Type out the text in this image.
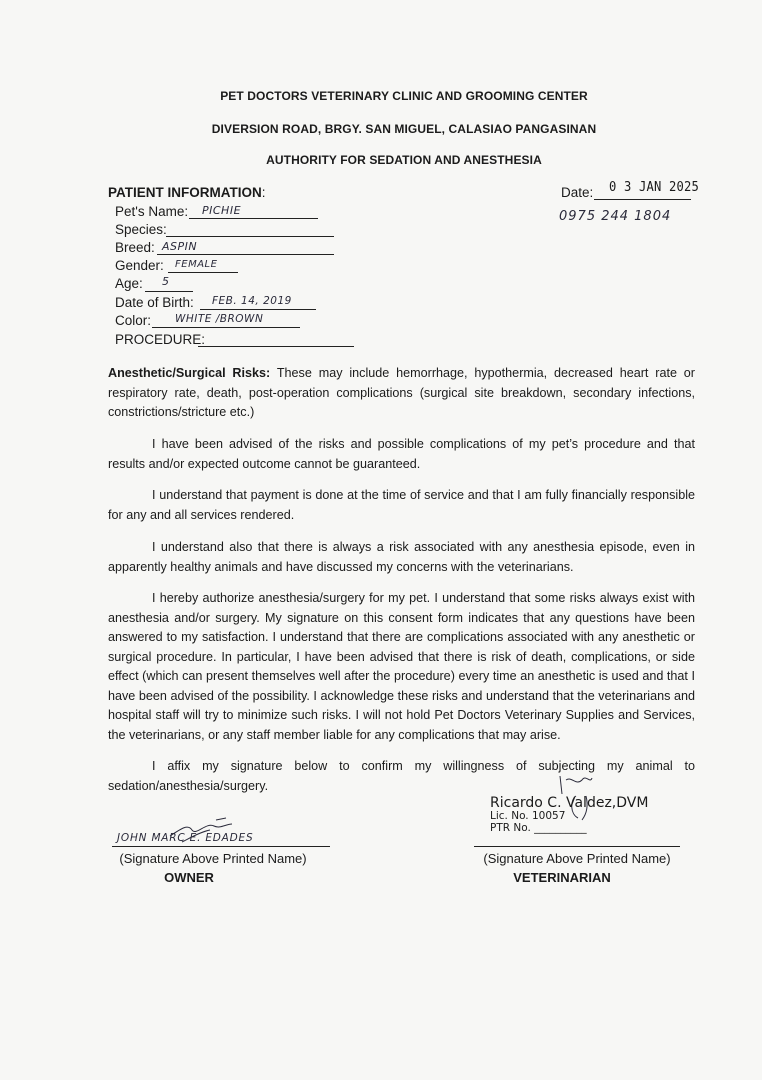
PET DOCTORS VETERINARY CLINIC AND GROOMING CENTER
DIVERSION ROAD, BRGY. SAN MIGUEL, CALASIAO PANGASINAN
AUTHORITY FOR SEDATION AND ANESTHESIA
PATIENT INFORMATION:
Pet's Name: PICHIE
Species:
Breed: ASPIN
Gender: FEMALE
Age: 5
Date of Birth: FEB. 14, 2019
Color: WHITE /BROWN
PROCEDURE:
Date: 0 3 JAN 2025
0975 244 1804
Anesthetic/Surgical Risks: These may include hemorrhage, hypothermia, decreased heart rate or respiratory rate, death, post-operation complications (surgical site breakdown, secondary infections, constrictions/stricture etc.)
I have been advised of the risks and possible complications of my pet’s procedure and that results and/or expected outcome cannot be guaranteed.
I understand that payment is done at the time of service and that I am fully financially responsible for any and all services rendered.
I understand also that there is always a risk associated with any anesthesia episode, even in apparently healthy animals and have discussed my concerns with the veterinarians.
I hereby authorize anesthesia/surgery for my pet. I understand that some risks always exist with anesthesia and/or surgery. My signature on this consent form indicates that any questions have been answered to my satisfaction. I understand that there are complications associated with any anesthetic or surgical procedure. In particular, I have been advised that there is risk of death, complications, or side effect (which can present themselves well after the procedure) every time an anesthetic is used and that I have been advised of the possibility. I acknowledge these risks and understand that the veterinarians and hospital staff will try to minimize such risks. I will not hold Pet Doctors Veterinary Supplies and Services, the veterinarians, or any staff member liable for any complications that may arise.
I affix my signature below to confirm my willingness of subjecting my animal to sedation/anesthesia/surgery.
JOHN MARC E. EDADES
(Signature Above Printed Name)
OWNER
Ricardo C. Valdez,DVM
Lic. No. 10057
PTR No. __________
(Signature Above Printed Name)
VETERINARIAN
